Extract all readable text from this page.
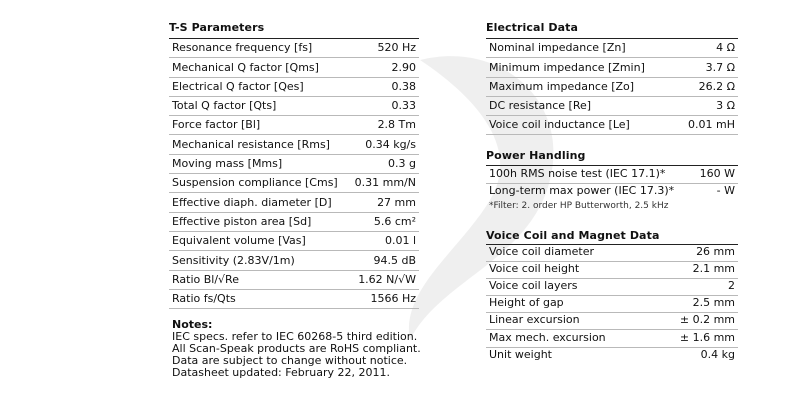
T-S Parameters
Resonance frequency [fs]	520 Hz
Mechanical Q factor [Qms]	2.90
Electrical Q factor [Qes]	0.38
Total Q factor [Qts]	0.33
Force factor [Bl]	2.8 Tm
Mechanical resistance [Rms]	0.34 kg/s
Moving mass [Mms]	0.3 g
Suspension compliance [Cms] 0.31 mm/N
Effective diaph. diameter [D]	27 mm
Effective piston area [Sd]	5.6 cm²
Equivalent volume [Vas]	0.01 l
Sensitivity (2.83V/1m)	94.5 dB
Ratio Bl/√Re	1.62 N/√W
Ratio fs/Qts	1566 Hz
Notes:
IEC specs. refer to IEC 60268-5 third edition.
All Scan-Speak products are RoHS compliant.
Data are subject to change without notice.
Datasheet updated: February 22, 2011.
Electrical Data
Nominal impedance [Zn]	4 Ω
Minimum impedance [Zmin]	3.7 Ω
Maximum impedance [Zo]	26.2 Ω
DC resistance [Re]	3 Ω
Voice coil inductance [Le]	0.01 mH
Power Handling
100h RMS noise test (IEC 17.1)*	160 W
Long-term max power (IEC 17.3)*	- W
*Filter: 2. order HP Butterworth, 2.5 kHz
Voice Coil and Magnet Data
Voice coil diameter	26 mm
Voice coil height	2.1 mm
Voice coil layers	2
Height of gap	2.5 mm
Linear excursion	± 0.2 mm
Max mech. excursion	± 1.6 mm
Unit weight	0.4 kg
